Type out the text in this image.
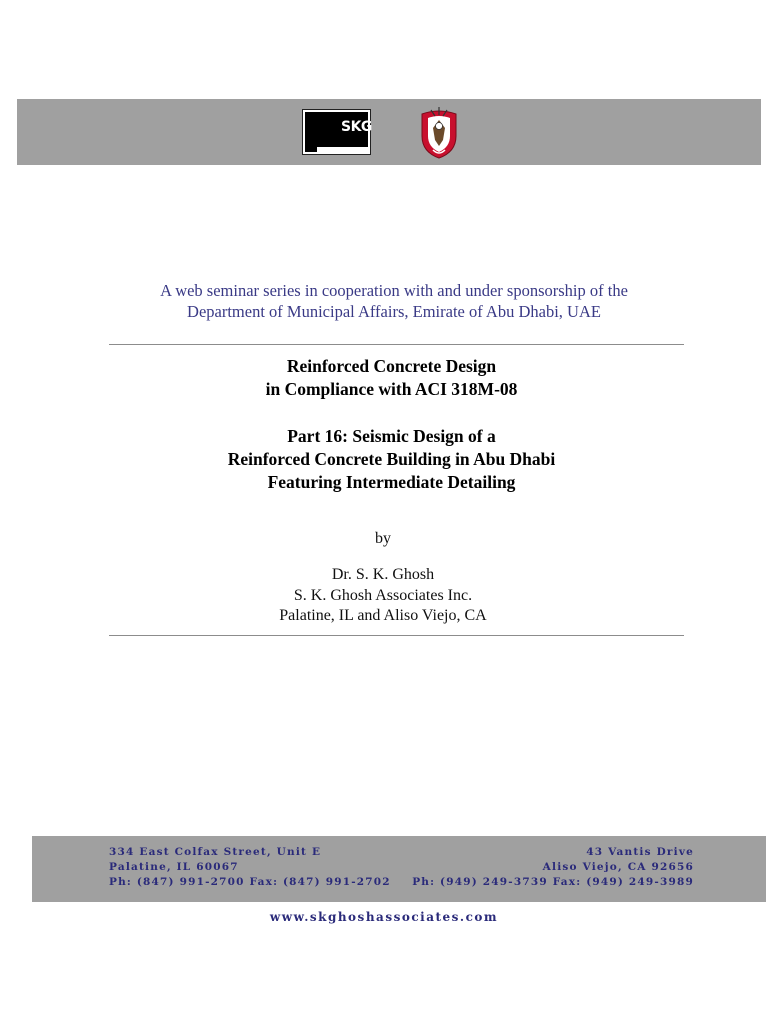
SKG
A web seminar series in cooperation with and under sponsorship of the
Department of Municipal Affairs, Emirate of Abu Dhabi, UAE
Reinforced Concrete Design
in Compliance with ACI 318M-08
Part 16: Seismic Design of a
Reinforced Concrete Building in Abu Dhabi
Featuring Intermediate Detailing
by
Dr. S. K. Ghosh
S. K. Ghosh Associates Inc.
Palatine, IL and Aliso Viejo, CA
334 East Colfax Street, Unit E
Palatine, IL 60067
Ph: (847) 991-2700 Fax: (847) 991-2702
43 Vantis Drive
Aliso Viejo, CA 92656
Ph: (949) 249-3739 Fax: (949) 249-3989
www.skghoshassociates.com
